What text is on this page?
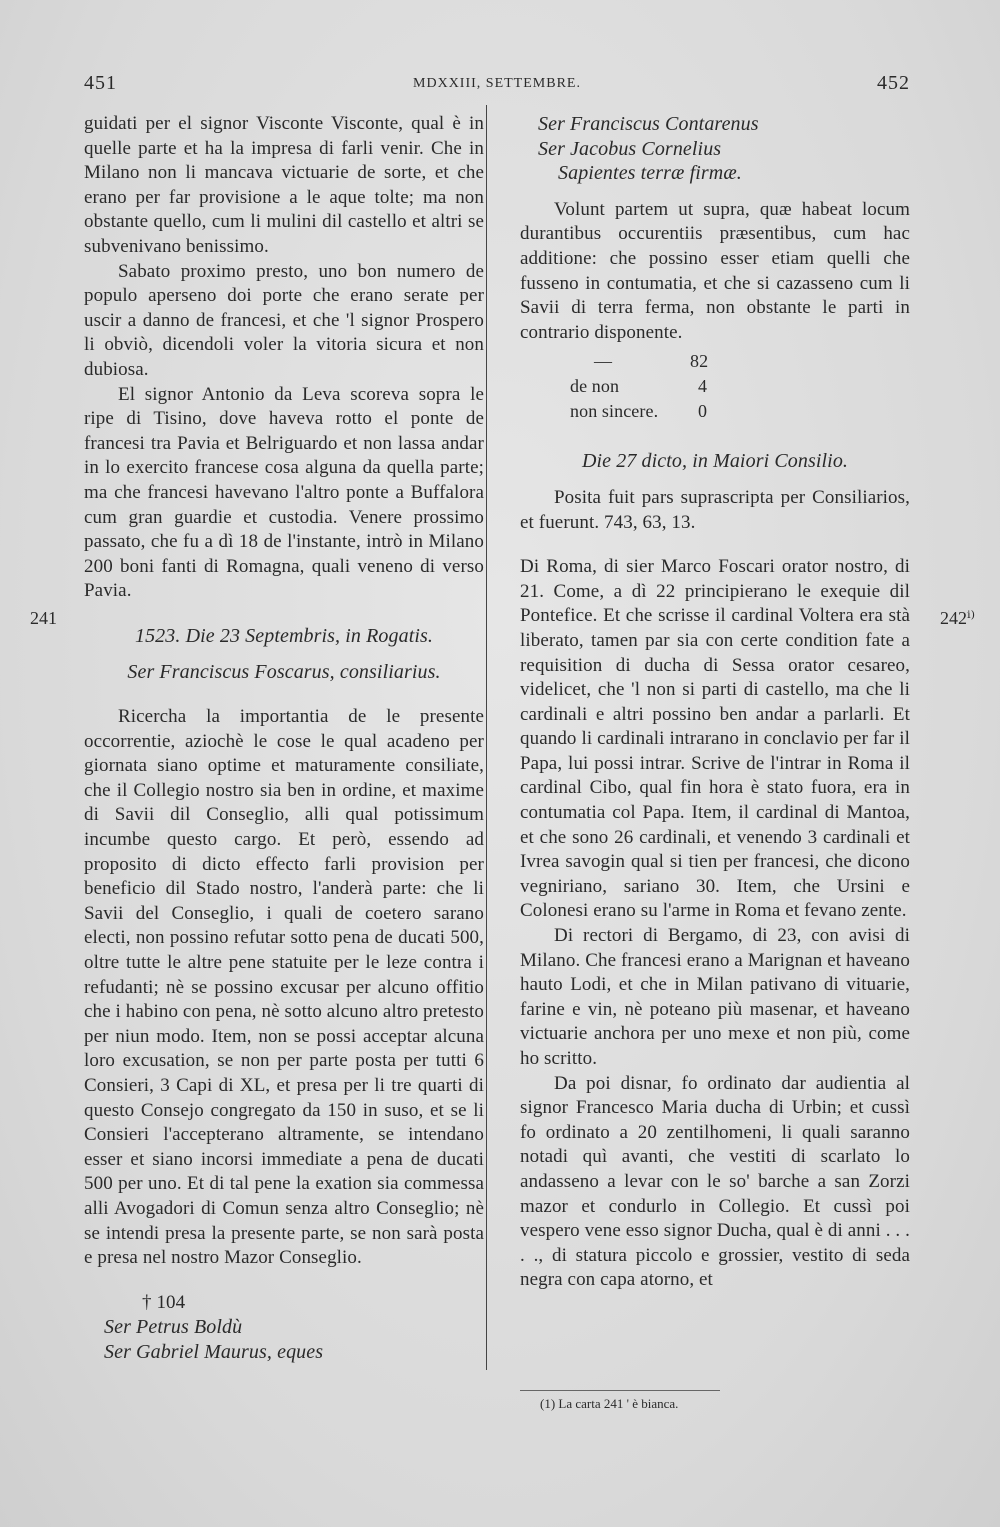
451	MDXXIII, SETTEMBRE.	452
241	242ⁱ⁾

guidati per el signor Visconte Visconte, qual è in quelle parte et ha la impresa di farli venir. Che in Milano non li mancava victuarie de sorte, et che erano per far provisione a le aque tolte; ma non obstante quello, cum li mulini dil castello et altri se subvenivano benissimo.

Sabato proximo presto, uno bon numero de populo aperseno doi porte che erano serate per uscir a danno de francesi, et che 'l signor Prospero li obviò, dicendoli voler la vitoria sicura et non dubiosa.

El signor Antonio da Leva scoreva sopra le ripe di Tisino, dove haveva rotto el ponte de francesi tra Pavia et Belriguardo et non lassa andar in lo exercito francese cosa alguna da quella parte; ma che francesi havevano l'altro ponte a Buffalora cum gran guardie et custodia. Venere prossimo passato, che fu a dì 18 de l'instante, intrò in Milano 200 boni fanti di Romagna, quali veneno di verso Pavia.

1523. Die 23 Septembris, in Rogatis.

Ser Franciscus Foscarus, consiliarius.

Ricercha la importantia de le presente occorrentie, aziochè le cose le qual acadeno per giornata siano optime et maturamente consiliate, che il Collegio nostro sia ben in ordine, et maxime di Savii dil Conseglio, alli qual potissimum incumbe questo cargo. Et però, essendo ad proposito di dicto effecto farli provision per beneficio dil Stado nostro, l'anderà parte: che li Savii del Conseglio, i quali de coetero sarano electi, non possino refutar sotto pena de ducati 500, oltre tutte le altre pene statuite per le leze contra i refudanti; nè se possino excusar per alcuno offitio che i habino con pena, nè sotto alcuno altro pretesto per niun modo. Item, non se possi acceptar alcuna loro excusation, se non per parte posta per tutti 6 Consieri, 3 Capi di XL, et presa per li tre quarti di questo Consejo congregato da 150 in suso, et se li Consieri l'accepterano altramente, se intendano esser et siano incorsi immediate a pena de ducati 500 per uno. Et di tal pene la exation sia commessa alli Avogadori di Comun senza altro Conseglio; nè se intendi presa la presente parte, se non sarà posta e presa nel nostro Mazor Conseglio.

† 104

Ser Petrus Boldù

Ser Gabriel Maurus, eques

Ser Franciscus Contarenus

Ser Jacobus Cornelius

Sapientes terræ firmæ.

Volunt partem ut supra, quæ habeat locum durantibus occurentiis præsentibus, cum hac additione: che possino esser etiam quelli che fusseno in contumatia, et che si cazasseno cum li Savii di terra ferma, non obstante le parti in contrario disponente.

—	82
de non	4
non sincere. 0

Die 27 dicto, in Maiori Consilio.

Posita fuit pars suprascripta per Consiliarios, et fuerunt. 743, 63, 13.

Di Roma, di sier Marco Foscari orator nostro, di 21. Come, a dì 22 principierano le exequie dil Pontefice. Et che scrisse il cardinal Voltera era stà liberato, tamen par sia con certe condition fate a requisition di ducha di Sessa orator cesareo, videlicet, che 'l non si parti di castello, ma che li cardinali e altri possino ben andar a parlarli. Et quando li cardinali intrarano in conclavio per far il Papa, lui possi intrar. Scrive de l'intrar in Roma il cardinal Cibo, qual fin hora è stato fuora, era in contumatia col Papa. Item, il cardinal di Mantoa, et che sono 26 cardinali, et venendo 3 cardinali et Ivrea savogin qual si tien per francesi, che dicono vegniriano, sariano 30. Item, che Ursini e Colonesi erano su l'arme in Roma et fevano zente.

Di rectori di Bergamo, di 23, con avisi di Milano. Che francesi erano a Marignan et haveano hauto Lodi, et che in Milan pativano di vituarie, farine e vin, nè poteano più masenar, et haveano victuarie anchora per uno mexe et non più, come ho scritto.

Da poi disnar, fo ordinato dar audientia al signor Francesco Maria ducha di Urbin; et cussì fo ordinato a 20 zentilhomeni, li quali saranno notadi quì avanti, che vestiti di scarlato lo andasseno a levar con le so' barche a san Zorzi mazor et condurlo in Collegio. Et cussì poi vespero vene esso signor Ducha, qual è di anni . . . . ., di statura piccolo e grossier, vestito di seda negra con capa atorno, et

(1) La carta 241 ' è bianca.
